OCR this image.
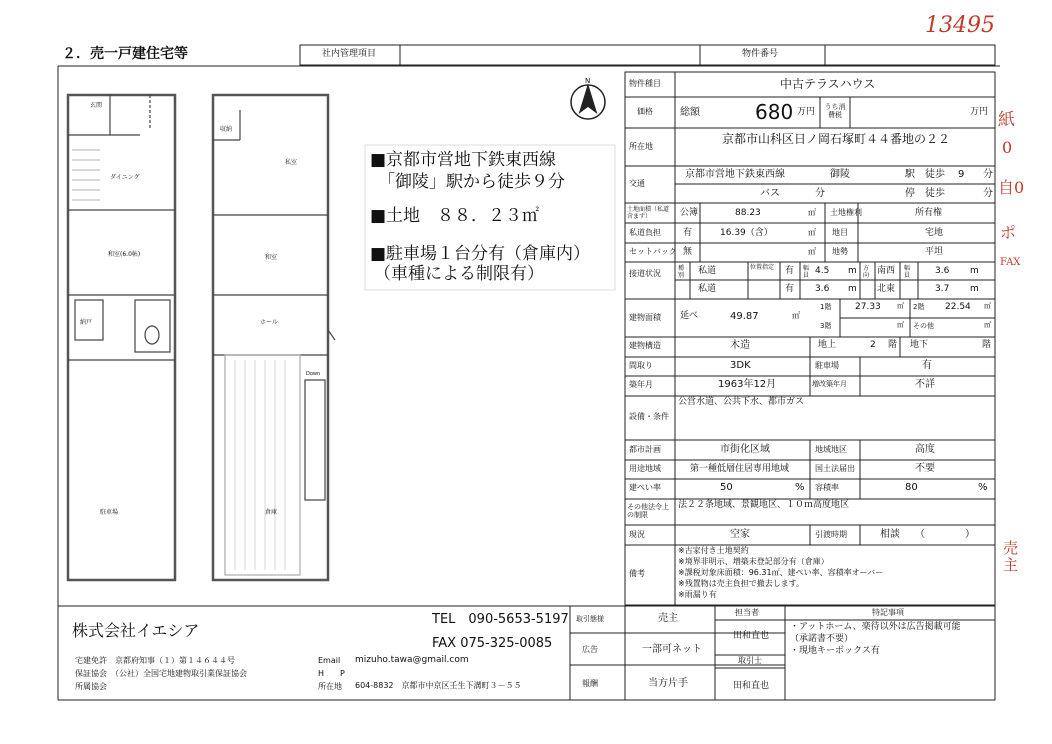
２．売一戸建住宅等	社内管理項目	物件番号
13495
紙
0
自0
ポ
FAX
売主
玄関
ダイニング
和室(6.0帖)
納戸
収納
私室
和室
ホール
Down
駐車場	倉庫
N
■京都市営地下鉄東西線
「御陵」駅から徒歩９分
■土地　８８．２３㎡
■駐車場１台分有（倉庫内）
（車種による制限有）
物件種目	中古テラスハウス
価格	総額	680 万円	うち消費税	万円
所在地
京都市山科区日ノ岡石塚町４４番地の２２
交通
京都市営地下鉄東西線	御陵	駅 徒歩 9 分
バス	分	停 徒歩	分
土地面積（私道含まず）	公簿	88.23	㎡ 土地権利	所有権
私道負担 有	16.39（含）	㎡ 地目	宅地
セットバック 無	㎡ 地勢	平坦
接道状況
種別	私道	位置指定	有 幅員 4.5 m 方向 南西 幅員	3.6 m
私道	有 3.6 m 北東	3.7 m
建物面積 延べ	49.87	㎡
1階	27.33 ㎡ 2階 22.54 ㎡
3階	㎡ その他	㎡
建物構造	木造	地上	2 階 地下	階
間取り	3DK	駐車場	有
築年月	1963年12月	増改築年月	不詳
設備・条件
公営水道、公共下水、都市ガス
都市計画	市街化区域	地域地区	高度
用途地域	第一種低層住居専用地域	国土法届出	不要
建ぺい率	50	% 容積率	80	%
その他法令上の制限
法２２条地域、景観地区、１０ｍ高度地区
現況	空家	引渡時期	相談　　（　　　　）
備考
※古家付き土地契約
※境界非明示、増築未登記部分有（倉庫）
※課税対象床面積：96.31㎡、建ぺい率、容積率オーバー
※残置物は売主負担で撤去します。
※雨漏り有
株式会社イエシア
TEL　090-5653-5197
FAX 075-325-0085
宅建免許　京都府知事（１）第１４６４４号
保証協会　（公社）全国宅地建物取引業保証協会
所属協会
Email mizuho.tawa@gmail.com
H　　P
所在地 604-8832　京都市中京区壬生下溝町３－５５
取引態様	売主
広告	一部可ネット
報酬	当方片手
担当者
田和直也
取引士
田和直也
特記事項
・アットホーム、楽待以外は広告掲載可能
（承諾書不要）
・現地キーボックス有
